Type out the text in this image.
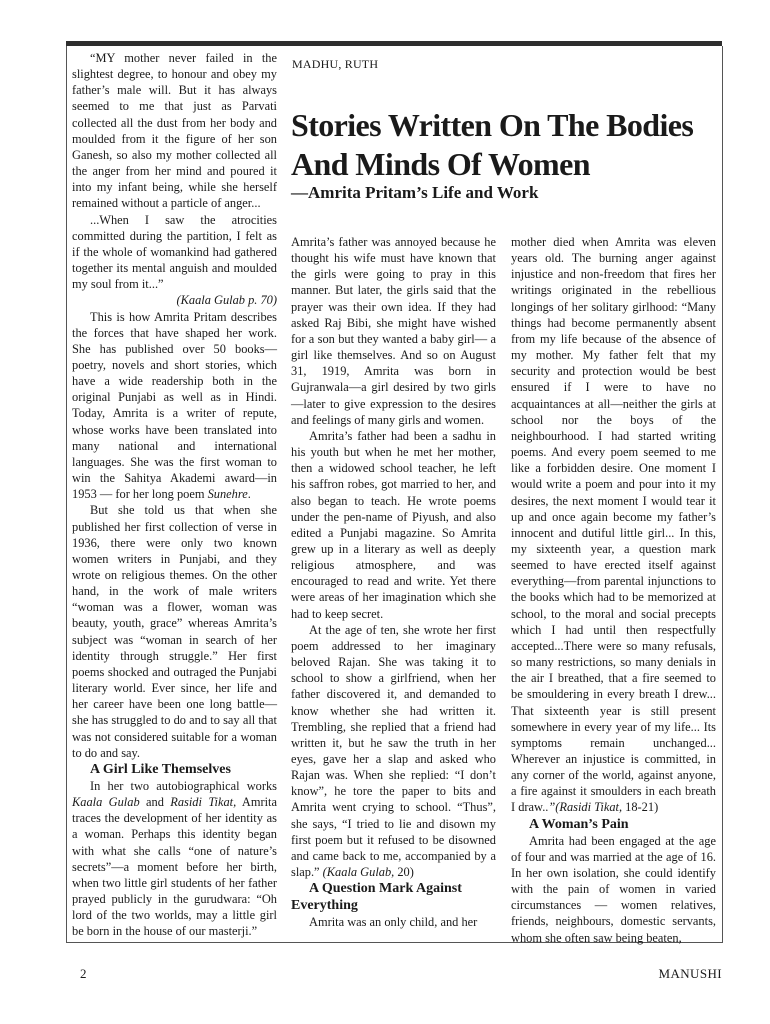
“MY mother never failed in the slightest degree, to honour and obey my father’s male will. But it has always seemed to me that just as Parvati collected all the dust from her body and moulded from it the figure of her son Ganesh, so also my mother collected all the anger from her mind and poured it into my infant being, while she herself remained without a particle of anger...

...When I saw the atrocities committed during the partition, I felt as if the whole of womankind had gathered together its mental anguish and moulded my soul from it...”

(Kaala Gulab p. 70)

This is how Amrita Pritam describes the forces that have shaped her work. She has published over 50 books—poetry, novels and short stories, which have a wide readership both in the original Punjabi as well as in Hindi. Today, Amrita is a writer of repute, whose works have been translated into many national and international languages. She was the first woman to win the Sahitya Akademi award—in 1953 — for her long poem Sunehre.

But she told us that when she published her first collection of verse in 1936, there were only two known women writers in Punjabi, and they wrote on religious themes. On the other hand, in the work of male writers “woman was a flower, woman was beauty, youth, grace” whereas Amrita’s subject was “woman in search of her identity through struggle.” Her first poems shocked and outraged the Punjabi literary world. Ever since, her life and her career have been one long battle—she has struggled to do and to say all that was not considered suitable for a woman to do and say.

A Girl Like Themselves

In her two autobiographical works Kaala Gulab and Rasidi Tikat, Amrita traces the development of her identity as a woman. Perhaps this identity began with what she calls “one of nature’s secrets”—a moment before her birth, when two little girl students of her father prayed publicly in the gurudwara: “Oh lord of the two worlds, may a little girl be born in the house of our masterji.”

MADHU, RUTH
Stories Written On The Bodies And Minds Of Women
—Amrita Pritam’s Life and Work

Amrita’s father was annoyed because he thought his wife must have known that the girls were going to pray in this manner. But later, the girls said that the prayer was their own idea. If they had asked Raj Bibi, she might have wished for a son but they wanted a baby girl— a girl like themselves. And so on August 31, 1919, Amrita was born in Gujranwala—a girl desired by two girls—later to give expression to the desires and feelings of many girls and women.

Amrita’s father had been a sadhu in his youth but when he met her mother, then a widowed school teacher, he left his saffron robes, got married to her, and also began to teach. He wrote poems under the pen-name of Piyush, and also edited a Punjabi magazine. So Amrita grew up in a literary as well as deeply religious atmosphere, and was encouraged to read and write. Yet there were areas of her imagination which she had to keep secret.

At the age of ten, she wrote her first poem addressed to her imaginary beloved Rajan. She was taking it to school to show a girlfriend, when her father discovered it, and demanded to know whether she had written it. Trembling, she replied that a friend had written it, but he saw the truth in her eyes, gave her a slap and asked who Rajan was. When she replied: “I don’t know”, he tore the paper to bits and Amrita went crying to school. “Thus”, she says, “I tried to lie and disown my first poem but it refused to be disowned and came back to me, accompanied by a slap.” (Kaala Gulab, 20)

A Question Mark Against Everything

Amrita was an only child, and her

mother died when Amrita was eleven years old. The burning anger against injustice and non-freedom that fires her writings originated in the rebellious longings of her solitary girlhood: “Many things had become permanently absent from my life because of the absence of my mother. My father felt that my security and protection would be best ensured if I were to have no acquaintances at all—neither the girls at school nor the boys of the neighbourhood. I had started writing poems. And every poem seemed to me like a forbidden desire. One moment I would write a poem and pour into it my desires, the next moment I would tear it up and once again become my father’s innocent and dutiful little girl... In this, my sixteenth year, a question mark seemed to have erected itself against everything—from parental injunctions to the books which had to be memorized at school, to the moral and social precepts which I had until then respectfully accepted...There were so many refusals, so many restrictions, so many denials in the air I breathed, that a fire seemed to be smouldering in every breath I drew... That sixteenth year is still present somewhere in every year of my life... Its symptoms remain unchanged... Wherever an injustice is committed, in any corner of the world, against anyone, a fire against it smoulders in each breath I draw..”(Rasidi Tikat, 18-21)

A Woman’s Pain

Amrita had been engaged at the age of four and was married at the age of 16. In her own isolation, she could identify with the pain of women in varied circumstances — women relatives, friends, neighbours, domestic servants, whom she often saw being beaten,

2	MANUSHI
